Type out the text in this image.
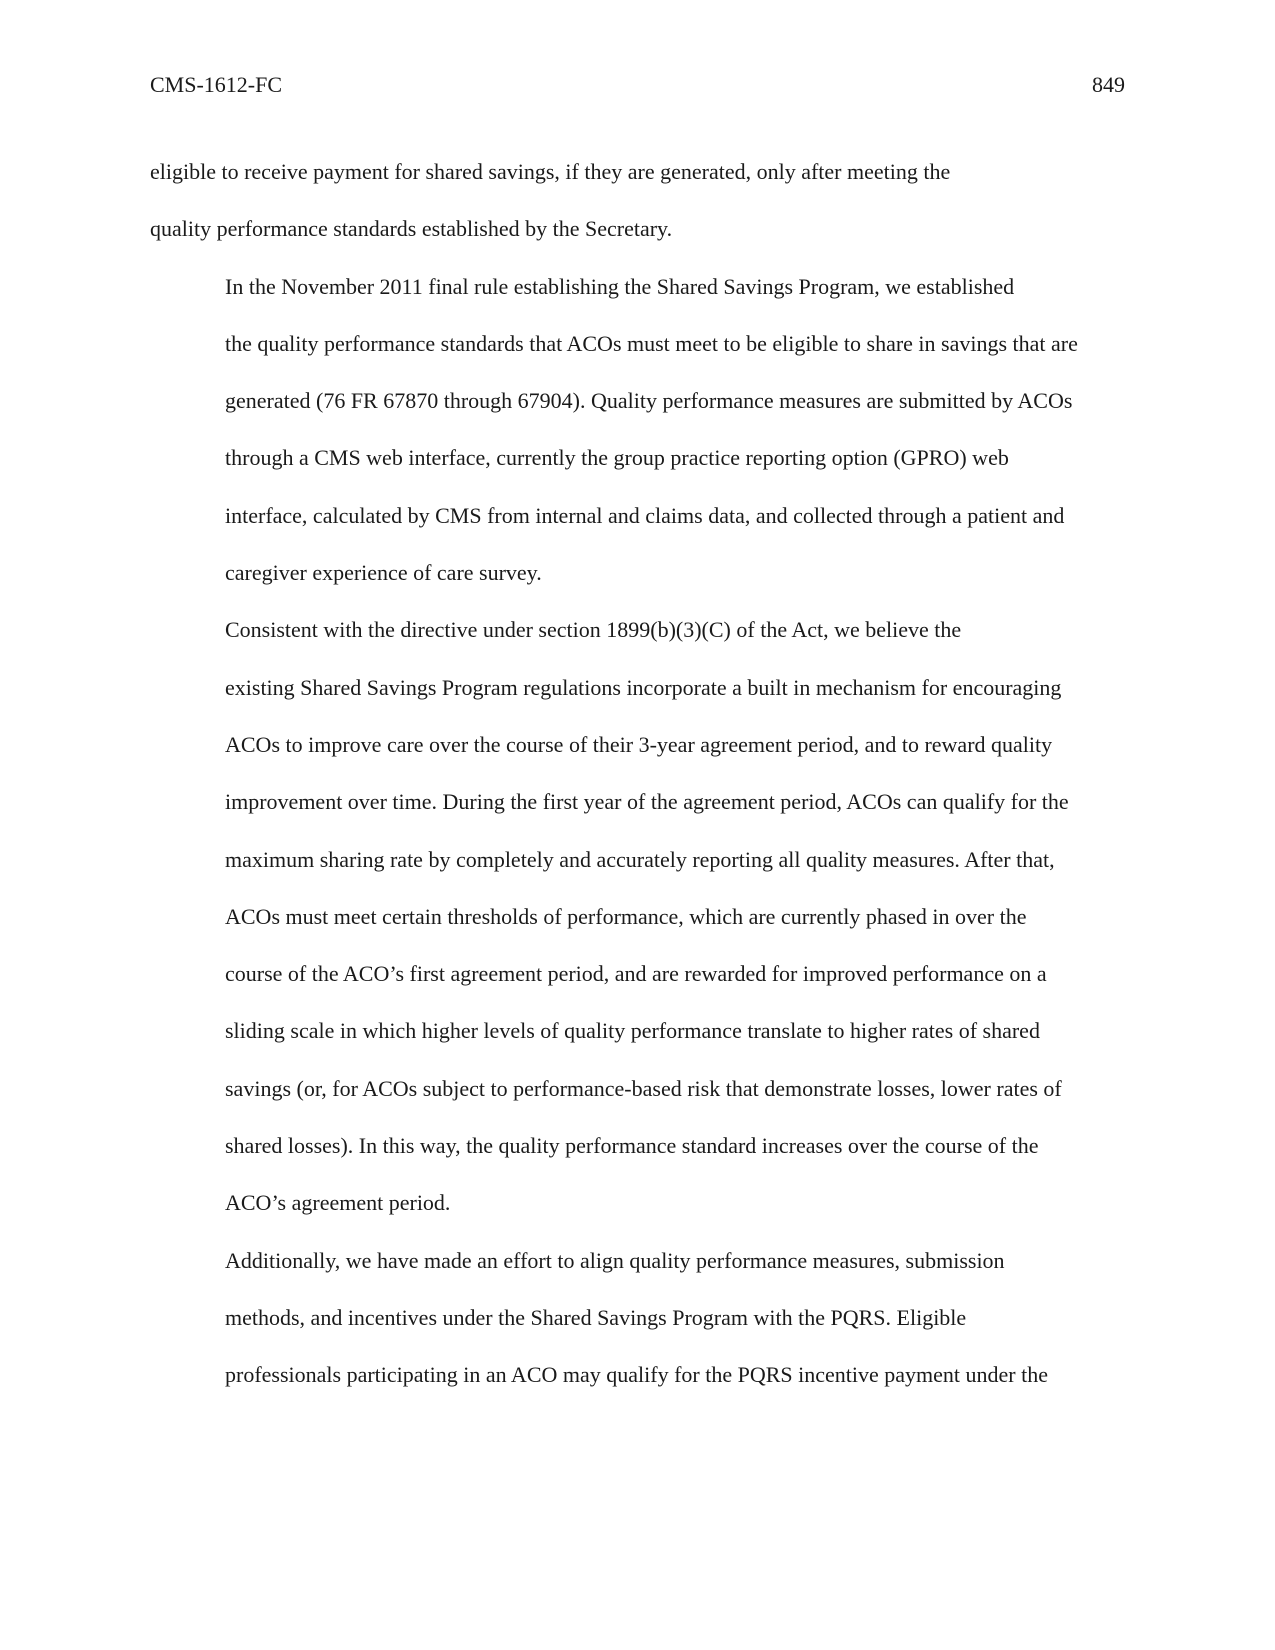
CMS-1612-FC	849

eligible to receive payment for shared savings, if they are generated, only after meeting the
quality performance standards established by the Secretary.

In the November 2011 final rule establishing the Shared Savings Program, we established
the quality performance standards that ACOs must meet to be eligible to share in savings that are
generated (76 FR 67870 through 67904). Quality performance measures are submitted by ACOs
through a CMS web interface, currently the group practice reporting option (GPRO) web
interface, calculated by CMS from internal and claims data, and collected through a patient and
caregiver experience of care survey.

Consistent with the directive under section 1899(b)(3)(C) of the Act, we believe the
existing Shared Savings Program regulations incorporate a built in mechanism for encouraging
ACOs to improve care over the course of their 3-year agreement period, and to reward quality
improvement over time. During the first year of the agreement period, ACOs can qualify for the
maximum sharing rate by completely and accurately reporting all quality measures. After that,
ACOs must meet certain thresholds of performance, which are currently phased in over the
course of the ACO’s first agreement period, and are rewarded for improved performance on a
sliding scale in which higher levels of quality performance translate to higher rates of shared
savings (or, for ACOs subject to performance-based risk that demonstrate losses, lower rates of
shared losses). In this way, the quality performance standard increases over the course of the
ACO’s agreement period.

Additionally, we have made an effort to align quality performance measures, submission
methods, and incentives under the Shared Savings Program with the PQRS. Eligible
professionals participating in an ACO may qualify for the PQRS incentive payment under the
